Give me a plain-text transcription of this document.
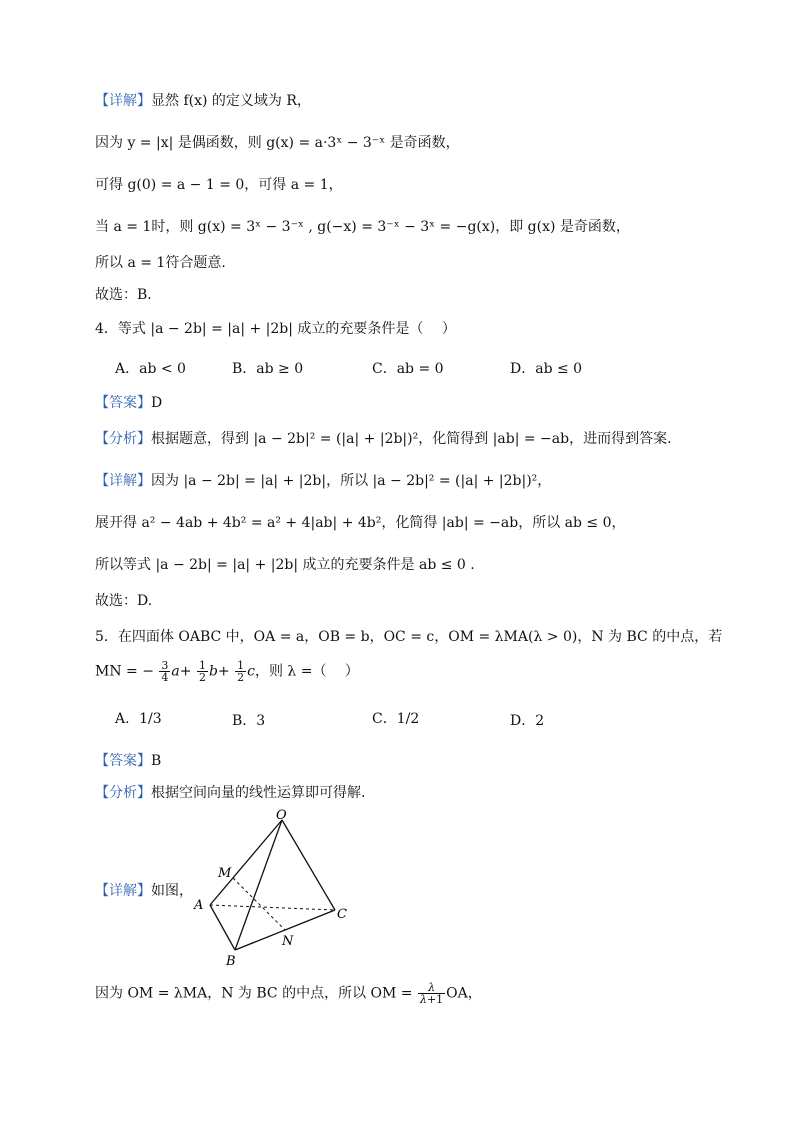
【详解】显然 f(x) 的定义域为 R，
因为 y = |x| 是偶函数，则 g(x) = a·3ˣ − 3⁻ˣ 是奇函数，
可得 g(0) = a − 1 = 0，可得 a = 1，
当 a = 1时，则 g(x) = 3ˣ − 3⁻ˣ , g(−x) = 3⁻ˣ − 3ˣ = −g(x)，即 g(x) 是奇函数，
所以 a = 1符合题意.
故选：B.
4．等式 |a − 2b| = |a| + |2b| 成立的充要条件是（　 ）
A．ab < 0	B．ab ≥ 0	C．ab = 0	D．ab ≤ 0
【答案】D
【分析】根据题意，得到 |a − 2b|² = (|a| + |2b|)²，化简得到 |ab| = −ab，进而得到答案.
【详解】因为 |a − 2b| = |a| + |2b|，所以 |a − 2b|² = (|a| + |2b|)²，
展开得 a² − 4ab + 4b² = a² + 4|ab| + 4b²，化简得 |ab| = −ab，所以 ab ≤ 0，
所以等式 |a − 2b| = |a| + |2b| 成立的充要条件是 ab ≤ 0 .
故选：D.
5．在四面体 OABC 中，OA = a，OB = b，OC = c，OM = λMA(λ > 0)，N 为 BC 的中点，若
MN = − $\frac{3}{4} a+ \frac{1}{2} b+ \frac{1}{2}$ c，则 λ =（　 ）
A．1/3	B．3	C．1/2	D．2
【答案】B
【分析】根据空间向量的线性运算即可得解.
【详解】如图，
O
M
A
C
N
B
因为 OM = λMA，N 为 BC 的中点，所以 OM = $\frac{\lambda}{\lambda+1}$ OA，
